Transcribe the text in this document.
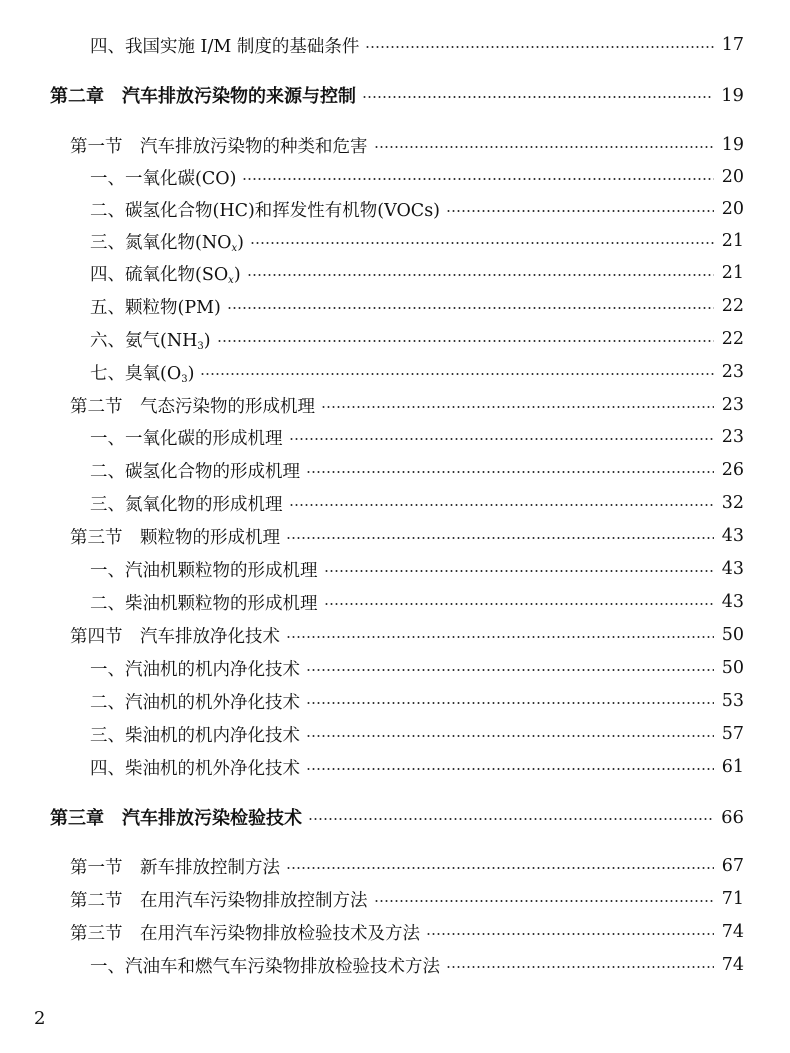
四、我国实施 I/M 制度的基础条件	17
第二章　汽车排放污染物的来源与控制	19
第一节　汽车排放污染物的种类和危害	19
一、一氧化碳(CO)	20
二、碳氢化合物(HC)和挥发性有机物(VOCs)	20
三、氮氧化物$(NO_x)$	21
四、硫氧化物$(SO_x)$	21
五、颗粒物(PM)	22
六、氨气$(NH_3)$	22
七、臭氧$(O_3)$	23
第二节　气态污染物的形成机理	23
一、一氧化碳的形成机理	23
二、碳氢化合物的形成机理	26
三、氮氧化物的形成机理	32
第三节　颗粒物的形成机理	43
一、汽油机颗粒物的形成机理	43
二、柴油机颗粒物的形成机理	43
第四节　汽车排放净化技术	50
一、汽油机的机内净化技术	50
二、汽油机的机外净化技术	53
三、柴油机的机内净化技术	57
四、柴油机的机外净化技术	61
第三章　汽车排放污染检验技术	66
第一节　新车排放控制方法	67
第二节　在用汽车污染物排放控制方法	71
第三节　在用汽车污染物排放检验技术及方法	74
一、汽油车和燃气车污染物排放检验技术方法	74
2
